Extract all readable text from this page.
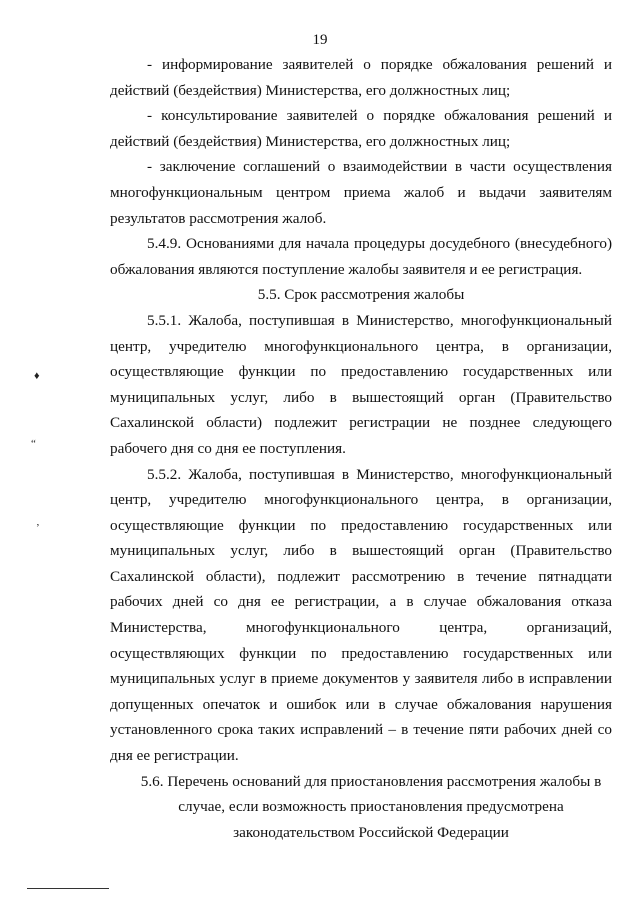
19
♦
“
’

- информирование заявителей о порядке обжалования решений и действий (бездействия) Министерства, его должностных лиц;

- консультирование заявителей о порядке обжалования решений и действий (бездействия) Министерства, его должностных лиц;

- заключение соглашений о взаимодействии в части осуществления многофункциональным центром приема жалоб и выдачи заявителям результатов рассмотрения жалоб.

5.4.9. Основаниями для начала процедуры досудебного (внесудебного) обжалования являются поступление жалобы заявителя и ее регистрация.

5.5. Срок рассмотрения жалобы

5.5.1. Жалоба, поступившая в Министерство, многофункциональный центр, учредителю многофункционального центра, в организации, осуществляющие функции по предоставлению государственных или муниципальных услуг, либо в вышестоящий орган (Правительство Сахалинской области) подлежит регистрации не позднее следующего рабочего дня со дня ее поступления.

5.5.2. Жалоба, поступившая в Министерство, многофункциональный центр, учредителю многофункционального центра, в организации, осуществляющие функции по предоставлению государственных или муниципальных услуг, либо в вышестоящий орган (Правительство Сахалинской области), подлежит рассмотрению в течение пятнадцати рабочих дней со дня ее регистрации, а в случае обжалования отказа Министерства, многофункционального центра, организаций, осуществляющих функции по предоставлению государственных или муниципальных услуг в приеме документов у заявителя либо в исправлении допущенных опечаток и ошибок или в случае обжалования нарушения установленного срока таких исправлений – в течение пяти рабочих дней со дня ее регистрации.

5.6. Перечень оснований для приостановления рассмотрения жалобы в
случае, если возможность приостановления предусмотрена
законодательством Российской Федерации
